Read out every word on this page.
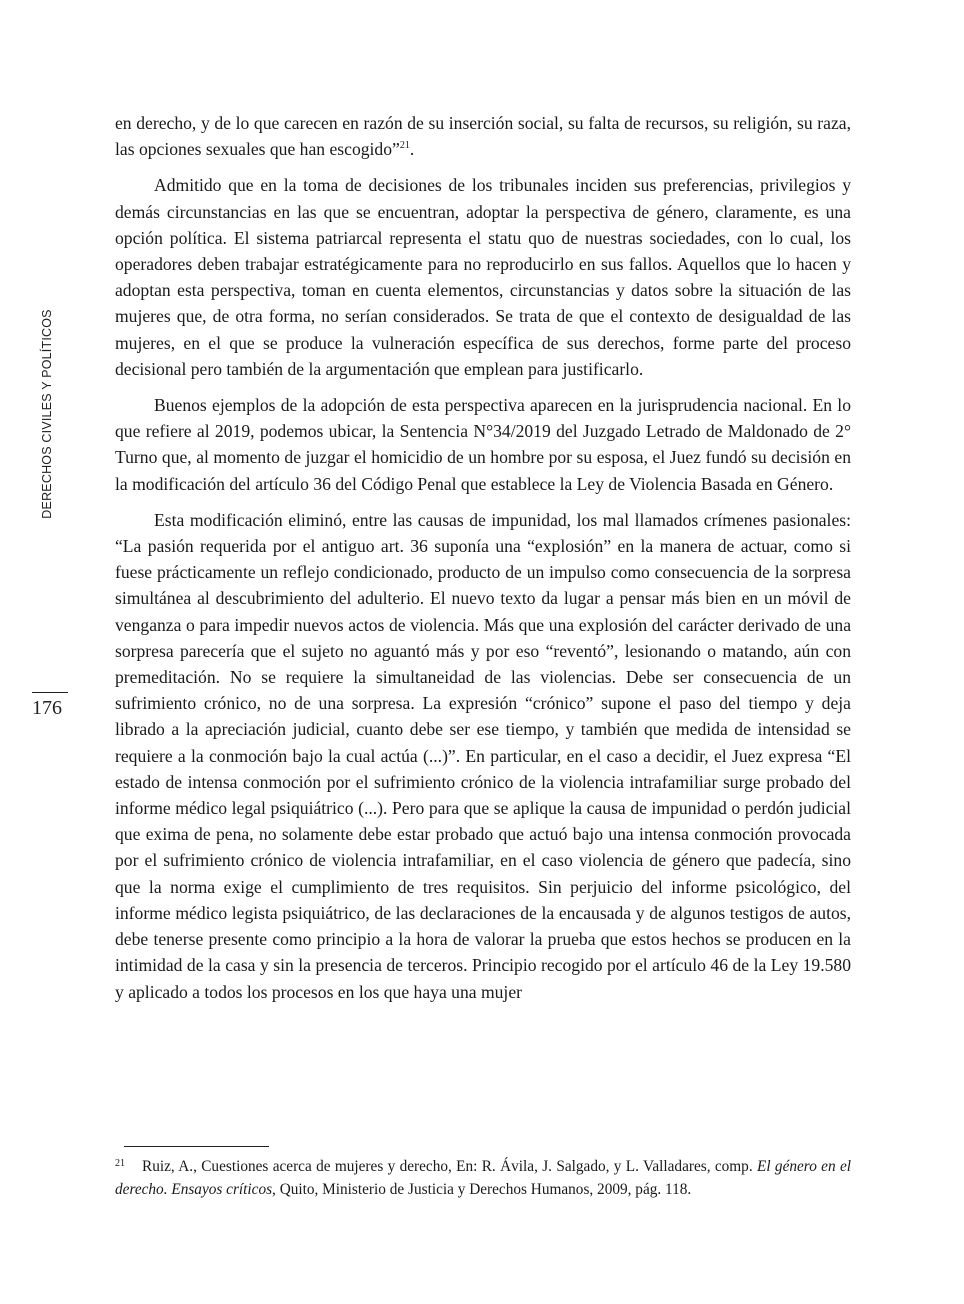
DERECHOS CIVILES Y POLÍTICOS
176

en derecho, y de lo que carecen en razón de su inserción social, su falta de recursos, su religión, su raza, las opciones sexuales que han escogido”$^{21}$.

Admitido que en la toma de decisiones de los tribunales inciden sus preferencias, privilegios y demás circunstancias en las que se encuentran, adoptar la perspectiva de género, claramente, es una opción política. El sistema patriarcal representa el statu quo de nuestras sociedades, con lo cual, los operadores deben trabajar estratégicamente para no reproducirlo en sus fallos. Aquellos que lo hacen y adoptan esta perspectiva, toman en cuenta elementos, circunstancias y datos sobre la situación de las mujeres que, de otra forma, no serían considerados. Se trata de que el contexto de desigualdad de las mujeres, en el que se produce la vulneración específica de sus derechos, forme parte del proceso decisional pero también de la argumentación que emplean para justificarlo.

Buenos ejemplos de la adopción de esta perspectiva aparecen en la jurisprudencia nacional. En lo que refiere al 2019, podemos ubicar, la Sentencia N°34/2019 del Juzgado Letrado de Maldonado de 2° Turno que, al momento de juzgar el homicidio de un hombre por su esposa, el Juez fundó su decisión en la modificación del artículo 36 del Código Penal que establece la Ley de Violencia Basada en Género.

Esta modificación eliminó, entre las causas de impunidad, los mal llamados crímenes pasionales: “La pasión requerida por el antiguo art. 36 suponía una “explosión” en la manera de actuar, como si fuese prácticamente un reflejo condicionado, producto de un impulso como consecuencia de la sorpresa simultánea al descubrimiento del adulterio. El nuevo texto da lugar a pensar más bien en un móvil de venganza o para impedir nuevos actos de violencia. Más que una explosión del carácter derivado de una sorpresa parecería que el sujeto no aguantó más y por eso “reventó”, lesionando o matando, aún con premeditación. No se requiere la simultaneidad de las violencias. Debe ser consecuencia de un sufrimiento crónico, no de una sorpresa. La expresión “crónico” supone el paso del tiempo y deja librado a la apreciación judicial, cuanto debe ser ese tiempo, y también que medida de intensidad se requiere a la conmoción bajo la cual actúa (...)”. En particular, en el caso a decidir, el Juez expresa “El estado de intensa conmoción por el sufrimiento crónico de la violencia intrafamiliar surge probado del informe médico legal psiquiátrico (...). Pero para que se aplique la causa de impunidad o perdón judicial que exima de pena, no solamente debe estar probado que actuó bajo una intensa conmoción provocada por el sufrimiento crónico de violencia intrafamiliar, en el caso violencia de género que padecía, sino que la norma exige el cumplimiento de tres requisitos. Sin perjuicio del informe psicológico, del informe médico legista psiquiátrico, de las declaraciones de la encausada y de algunos testigos de autos, debe tenerse presente como principio a la hora de valorar la prueba que estos hechos se producen en la intimidad de la casa y sin la presencia de terceros. Principio recogido por el artículo 46 de la Ley 19.580 y aplicado a todos los procesos en los que haya una mujer

21 Ruiz, A., Cuestiones acerca de mujeres y derecho, En: R. Ávila, J. Salgado, y L. Valladares, comp. El género en el derecho. Ensayos críticos, Quito, Ministerio de Justicia y Derechos Humanos, 2009, pág. 118.
